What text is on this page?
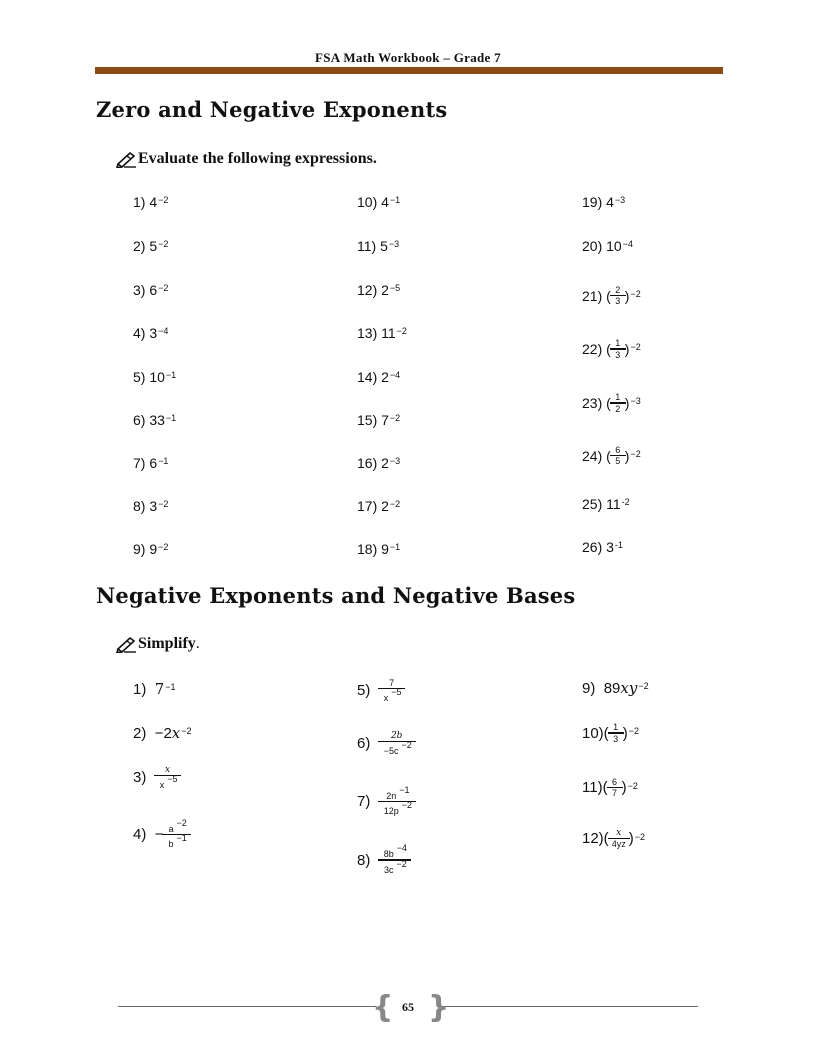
FSA Math Workbook – Grade 7
Zero and Negative Exponents
Evaluate the following expressions.
1)
$4^{-2}$
2)
$5^{-2}$
3)
$6^{-2}$
4)
$3^{-4}$
5)
$10^{-1}$
6)
$33^{-1}$
7)
$6^{-1}$
8)
$3^{-2}$
9)
$9^{-2}$
10)
$4^{-1}$
11)
$5^{-3}$
12)
$2^{-5}$
13)
$11^{-2}$
14)
$2^{-4}$
15)
$7^{-2}$
16)
$2^{-3}$
17)
$2^{-2}$
18)
$9^{-1}$
19)
$4^{-3}$
20)
$10^{-4}$
21) ( $\frac{2}{3} )^{-2}$
22) ( $\frac{1}{3} )^{-2}$
23) ( $\frac{1}{2} )^{-3}$
24) ( $\frac{6}{5} )^{-2}$
25)
$11^{-2}$
26)
$3^{-1}$
Negative Exponents and Negative Bases
Simplify .
1)
$7^{-1}$
2)
−2 $x^{-2}$
3)
$\frac{x}{x^{-5}}$
4)
− $\frac{a^{-2}}{b^{-1}}$
5)
$\frac{7}{x^{-5}}$
6)
$\frac{2b}{-5c^{-2}}$
7)
$\frac{2n^{-1}}{12p^{-2}}$
8)
$\frac{8b^{-4}}{3c^{-2}}$
9)
89 $xy^{-2}$
$10)( \frac{1}{3} )^{-2}$
$11)( \frac{6}{7} )^{-2}$
$12)( \frac{x}{4yz} )^{-2}$
{ }
65
